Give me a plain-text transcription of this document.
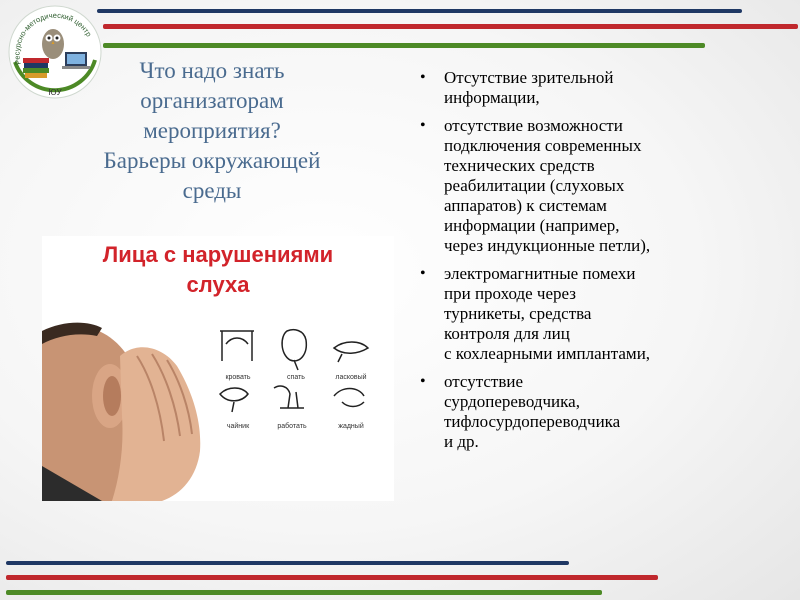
Ресурсно-методический центр
ЮУ
Что надо знать
организаторам
мероприятия?
Барьеры окружающей
среды
кровать	спать	ласковый
чайник	работать	жадный
Лица с нарушениями
слуха
• Отсутствие зрительной
информации,
• отсутствие возможности
подключения современных
технических средств
реабилитации (слуховых
аппаратов) к системам
информации (например,
через индукционные петли),
• электромагнитные помехи
при проходе через
турникеты, средства
контроля для лиц
с кохлеарными имплантами,
• отсутствие
сурдопереводчика,
тифлосурдопереводчика
и др.
